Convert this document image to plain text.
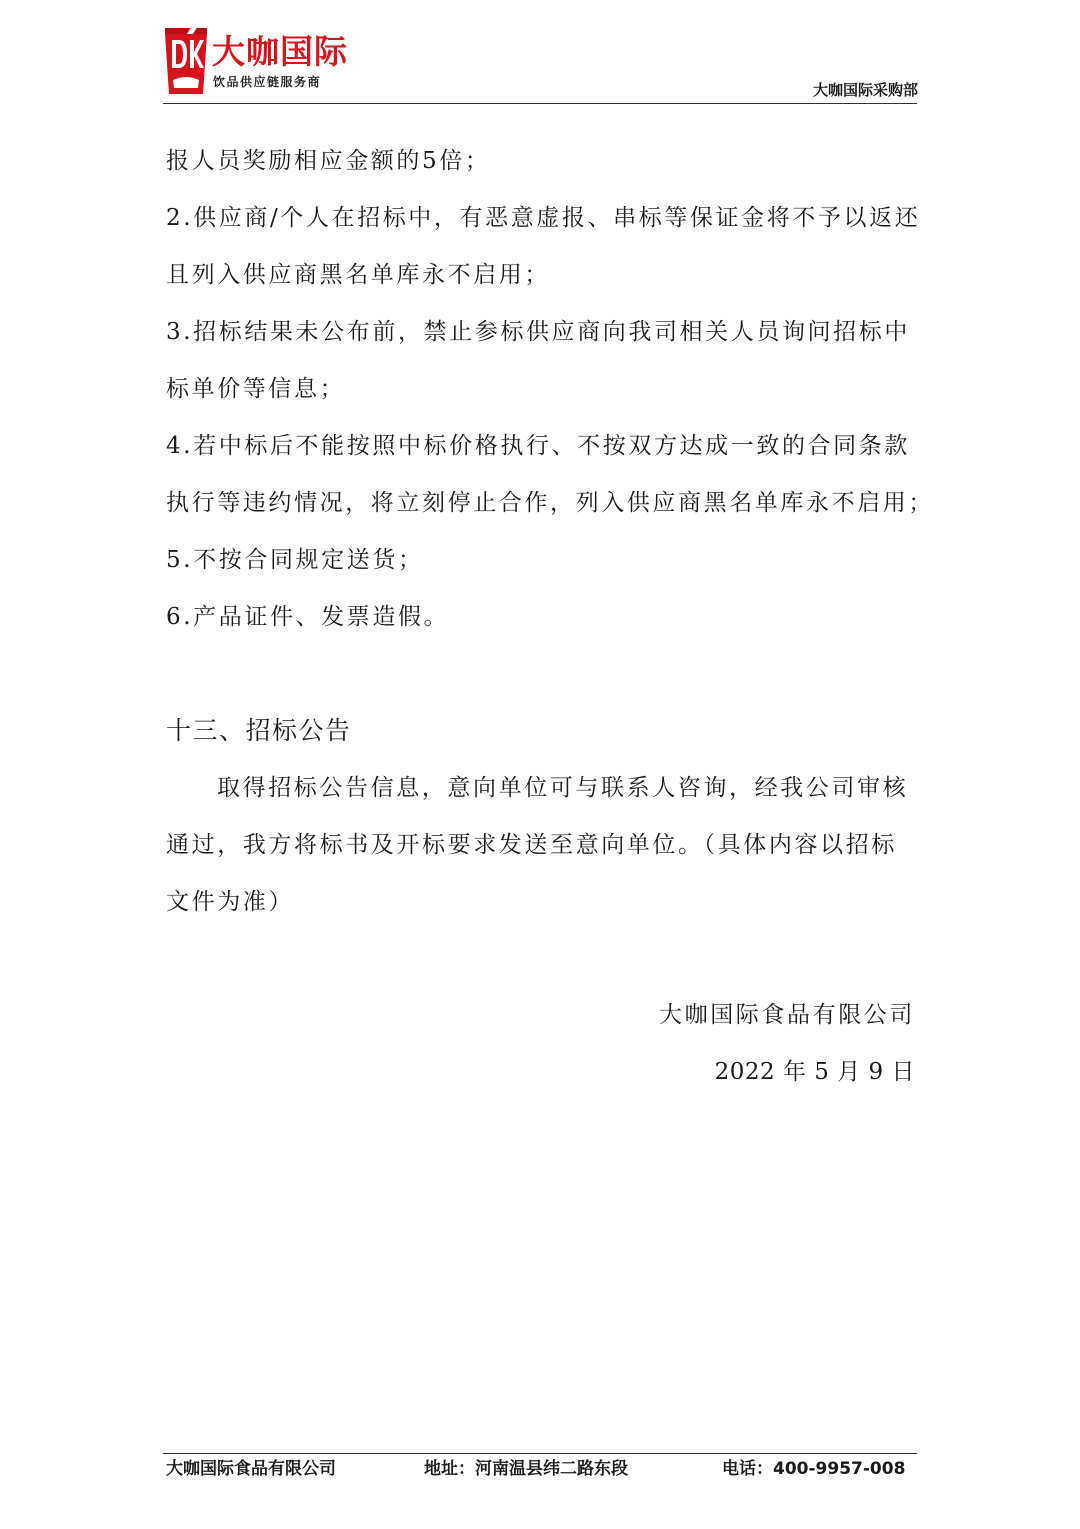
大咖国际
饮品供应链服务商	大咖国际采购部
报人员奖励相应金额的5倍；
2.供应商/个人在招标中，有恶意虚报、串标等保证金将不予以返还
且列入供应商黑名单库永不启用；
3.招标结果未公布前，禁止参标供应商向我司相关人员询问招标中
标单价等信息；
4.若中标后不能按照中标价格执行、不按双方达成一致的合同条款
执行等违约情况，将立刻停止合作，列入供应商黑名单库永不启用；
5.不按合同规定送货；
6.产品证件、发票造假。
十三、招标公告
取得招标公告信息，意向单位可与联系人咨询，经我公司审核
通过，我方将标书及开标要求发送至意向单位。（具体内容以招标
文件为准）
大咖国际食品有限公司
2022 年 5 月 9 日
大咖国际食品有限公司	地址：河南温县纬二路东段	电话：400-9957-008
